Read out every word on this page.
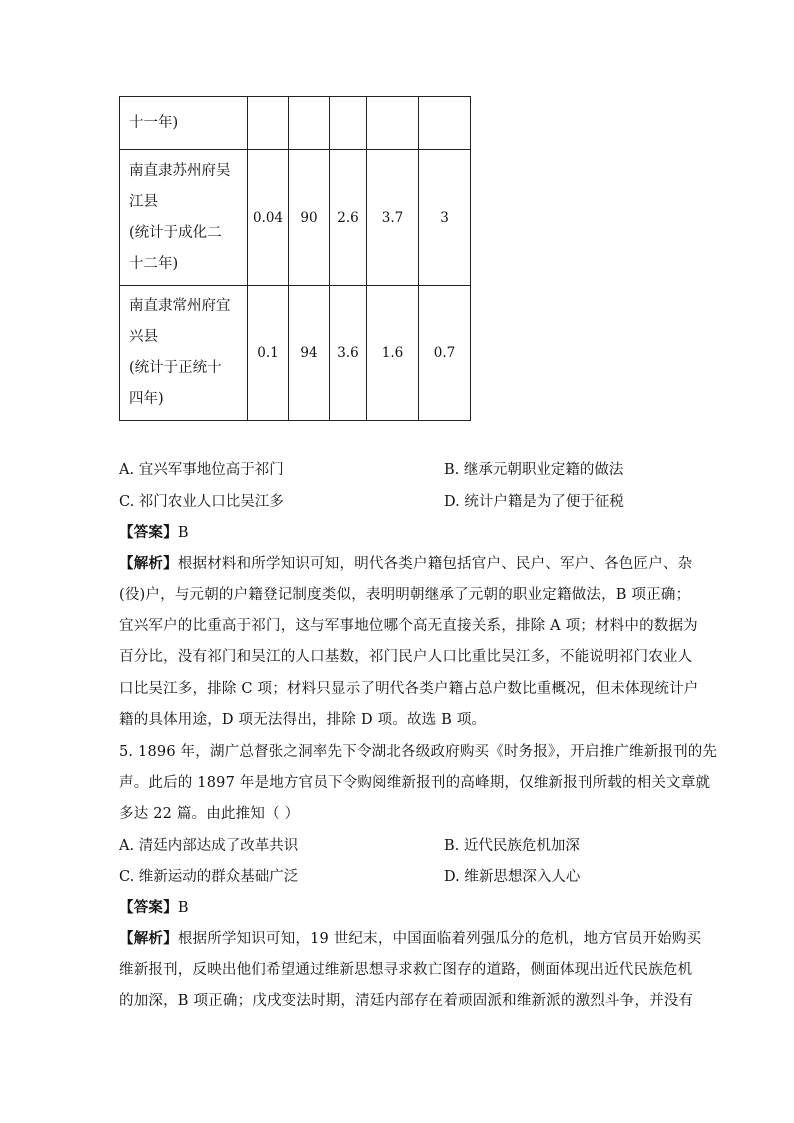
十一年)					

南直隶苏州府吴
江县
(统计于成化二
十二年)	0.04	90	2.6	3.7	3

南直隶常州府宜
兴县
(统计于正统十
四年)	0.1	94	3.6	1.6	0.7
A. 宜兴军事地位高于祁门	B. 继承元朝职业定籍的做法
C. 祁门农业人口比吴江多	D. 统计户籍是为了便于征税
【答案】B
【解析】根据材料和所学知识可知，明代各类户籍包括官户、民户、军户、各色匠户、杂
(役)户，与元朝的户籍登记制度类似，表明明朝继承了元朝的职业定籍做法，B 项正确；
宜兴军户的比重高于祁门，这与军事地位哪个高无直接关系，排除 A 项；材料中的数据为
百分比，没有祁门和吴江的人口基数，祁门民户人口比重比吴江多，不能说明祁门农业人
口比吴江多，排除 C 项；材料只显示了明代各类户籍占总户数比重概况，但未体现统计户
籍的具体用途，D 项无法得出，排除 D 项。故选 B 项。
5. 1896 年，湖广总督张之洞率先下令湖北各级政府购买《时务报》，开启推广维新报刊的先
声。此后的 1897 年是地方官员下令购阅维新报刊的高峰期，仅维新报刊所载的相关文章就
多达 22 篇。由此推知（ ）
A. 清廷内部达成了改革共识	B. 近代民族危机加深
C. 维新运动的群众基础广泛	D. 维新思想深入人心
【答案】B
【解析】根据所学知识可知，19 世纪末，中国面临着列强瓜分的危机，地方官员开始购买
维新报刊，反映出他们希望通过维新思想寻求救亡图存的道路，侧面体现出近代民族危机
的加深，B 项正确；戊戌变法时期，清廷内部存在着顽固派和维新派的激烈斗争，并没有
